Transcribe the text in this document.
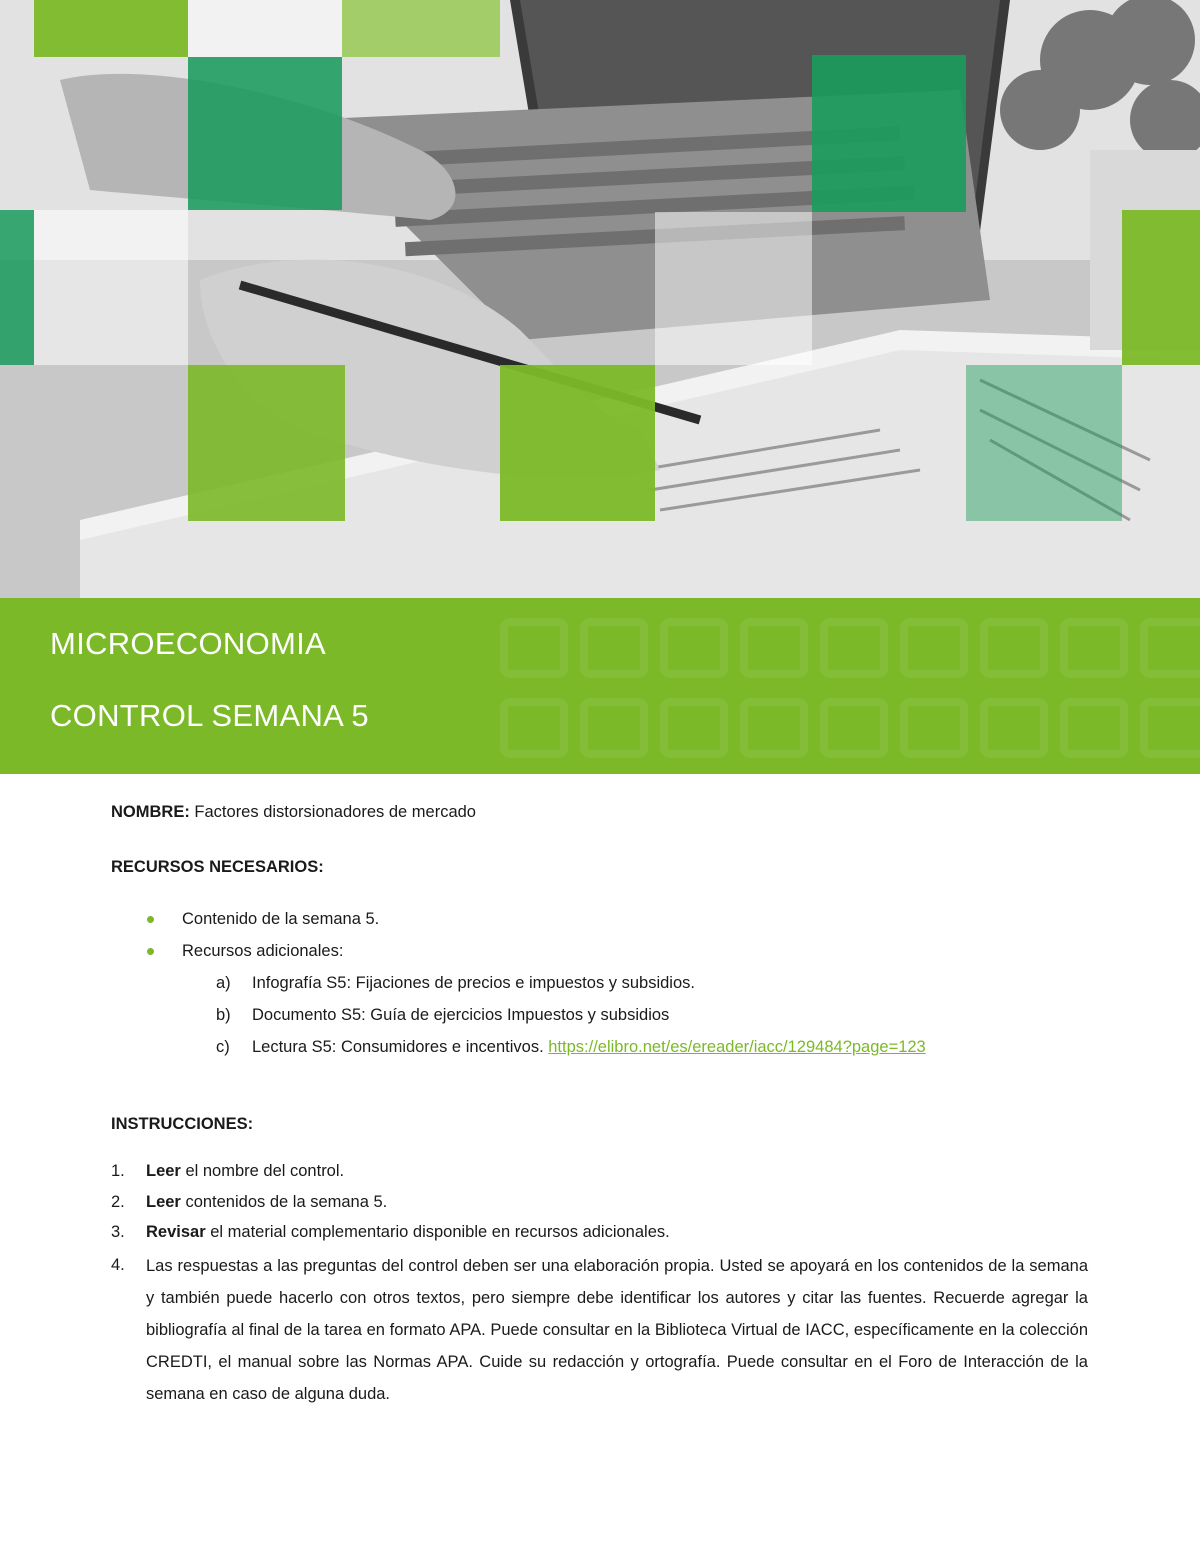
MICROECONOMIA
CONTROL SEMANA 5
NOMBRE: Factores distorsionadores de mercado
RECURSOS NECESARIOS:
Contenido de la semana 5.
Recursos adicionales:
a) Infografía S5: Fijaciones de precios e impuestos y subsidios.
b) Documento S5: Guía de ejercicios Impuestos y subsidios
c) Lectura S5: Consumidores e incentivos. https://elibro.net/es/ereader/iacc/129484?page=123
INSTRUCCIONES:
1. Leer el nombre del control.
2. Leer contenidos de la semana 5.
3. Revisar el material complementario disponible en recursos adicionales.
4. Las respuestas a las preguntas del control deben ser una elaboración propia. Usted se apoyará en los contenidos de la semana y también puede hacerlo con otros textos, pero siempre debe identificar los autores y citar las fuentes. Recuerde agregar la bibliografía al final de la tarea en formato APA. Puede consultar en la Biblioteca Virtual de IACC, específicamente en la colección CREDTI, el manual sobre las Normas APA. Cuide su redacción y ortografía. Puede consultar en el Foro de Interacción de la semana en caso de alguna duda.
